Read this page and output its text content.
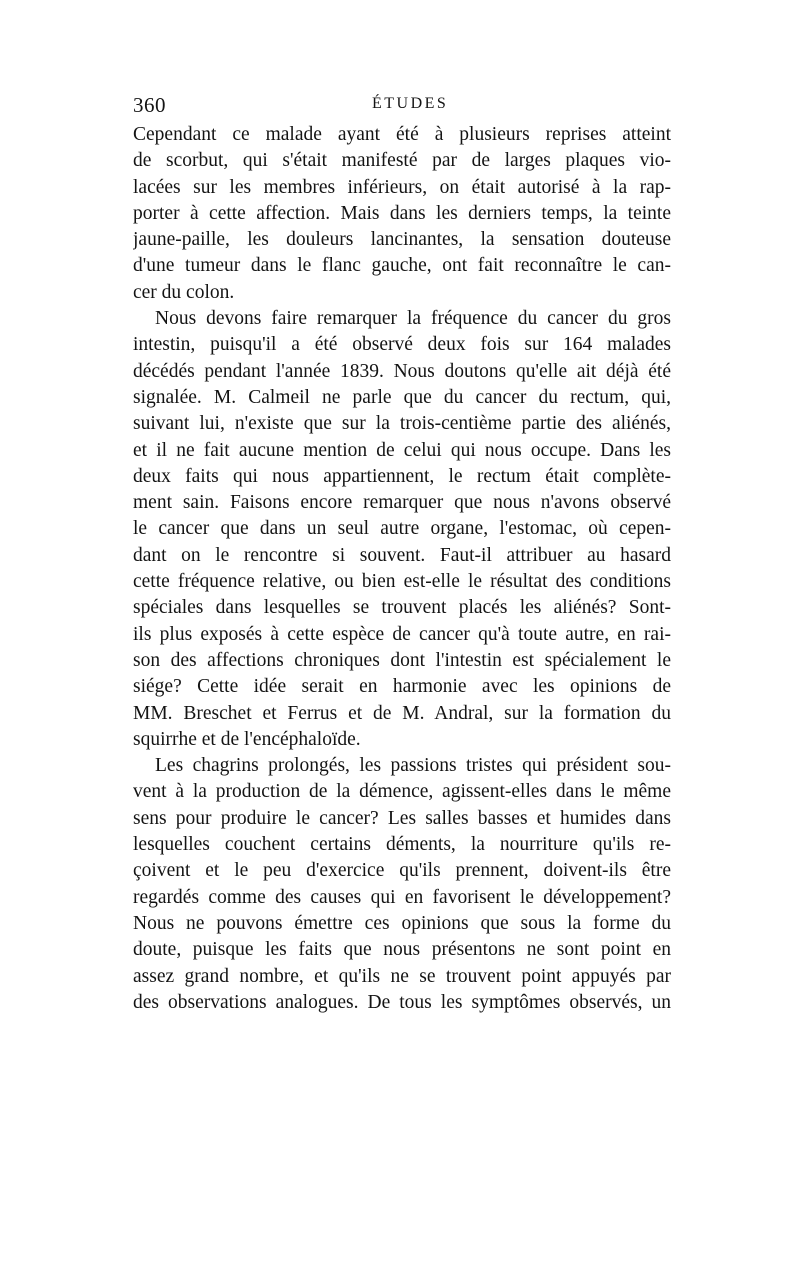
360	ÉTUDES
Cependant ce malade ayant été à plusieurs reprises atteint
de scorbut, qui s'était manifesté par de larges plaques vio-
lacées sur les membres inférieurs, on était autorisé à la rap-
porter à cette affection. Mais dans les derniers temps, la teinte
jaune-paille, les douleurs lancinantes, la sensation douteuse
d'une tumeur dans le flanc gauche, ont fait reconnaître le can-
cer du colon.
Nous devons faire remarquer la fréquence du cancer du gros
intestin, puisqu'il a été observé deux fois sur 164 malades
décédés pendant l'année 1839. Nous doutons qu'elle ait déjà été
signalée. M. Calmeil ne parle que du cancer du rectum, qui,
suivant lui, n'existe que sur la trois-centième partie des aliénés,
et il ne fait aucune mention de celui qui nous occupe. Dans les
deux faits qui nous appartiennent, le rectum était complète-
ment sain. Faisons encore remarquer que nous n'avons observé
le cancer que dans un seul autre organe, l'estomac, où cepen-
dant on le rencontre si souvent. Faut-il attribuer au hasard
cette fréquence relative, ou bien est-elle le résultat des conditions
spéciales dans lesquelles se trouvent placés les aliénés? Sont-
ils plus exposés à cette espèce de cancer qu'à toute autre, en rai-
son des affections chroniques dont l'intestin est spécialement le
siége? Cette idée serait en harmonie avec les opinions de
MM. Breschet et Ferrus et de M. Andral, sur la formation du
squirrhe et de l'encéphaloïde.
Les chagrins prolongés, les passions tristes qui président sou-
vent à la production de la démence, agissent-elles dans le même
sens pour produire le cancer? Les salles basses et humides dans
lesquelles couchent certains déments, la nourriture qu'ils re-
çoivent et le peu d'exercice qu'ils prennent, doivent-ils être
regardés comme des causes qui en favorisent le développement?
Nous ne pouvons émettre ces opinions que sous la forme du
doute, puisque les faits que nous présentons ne sont point en
assez grand nombre, et qu'ils ne se trouvent point appuyés par
des observations analogues. De tous les symptômes observés, un
